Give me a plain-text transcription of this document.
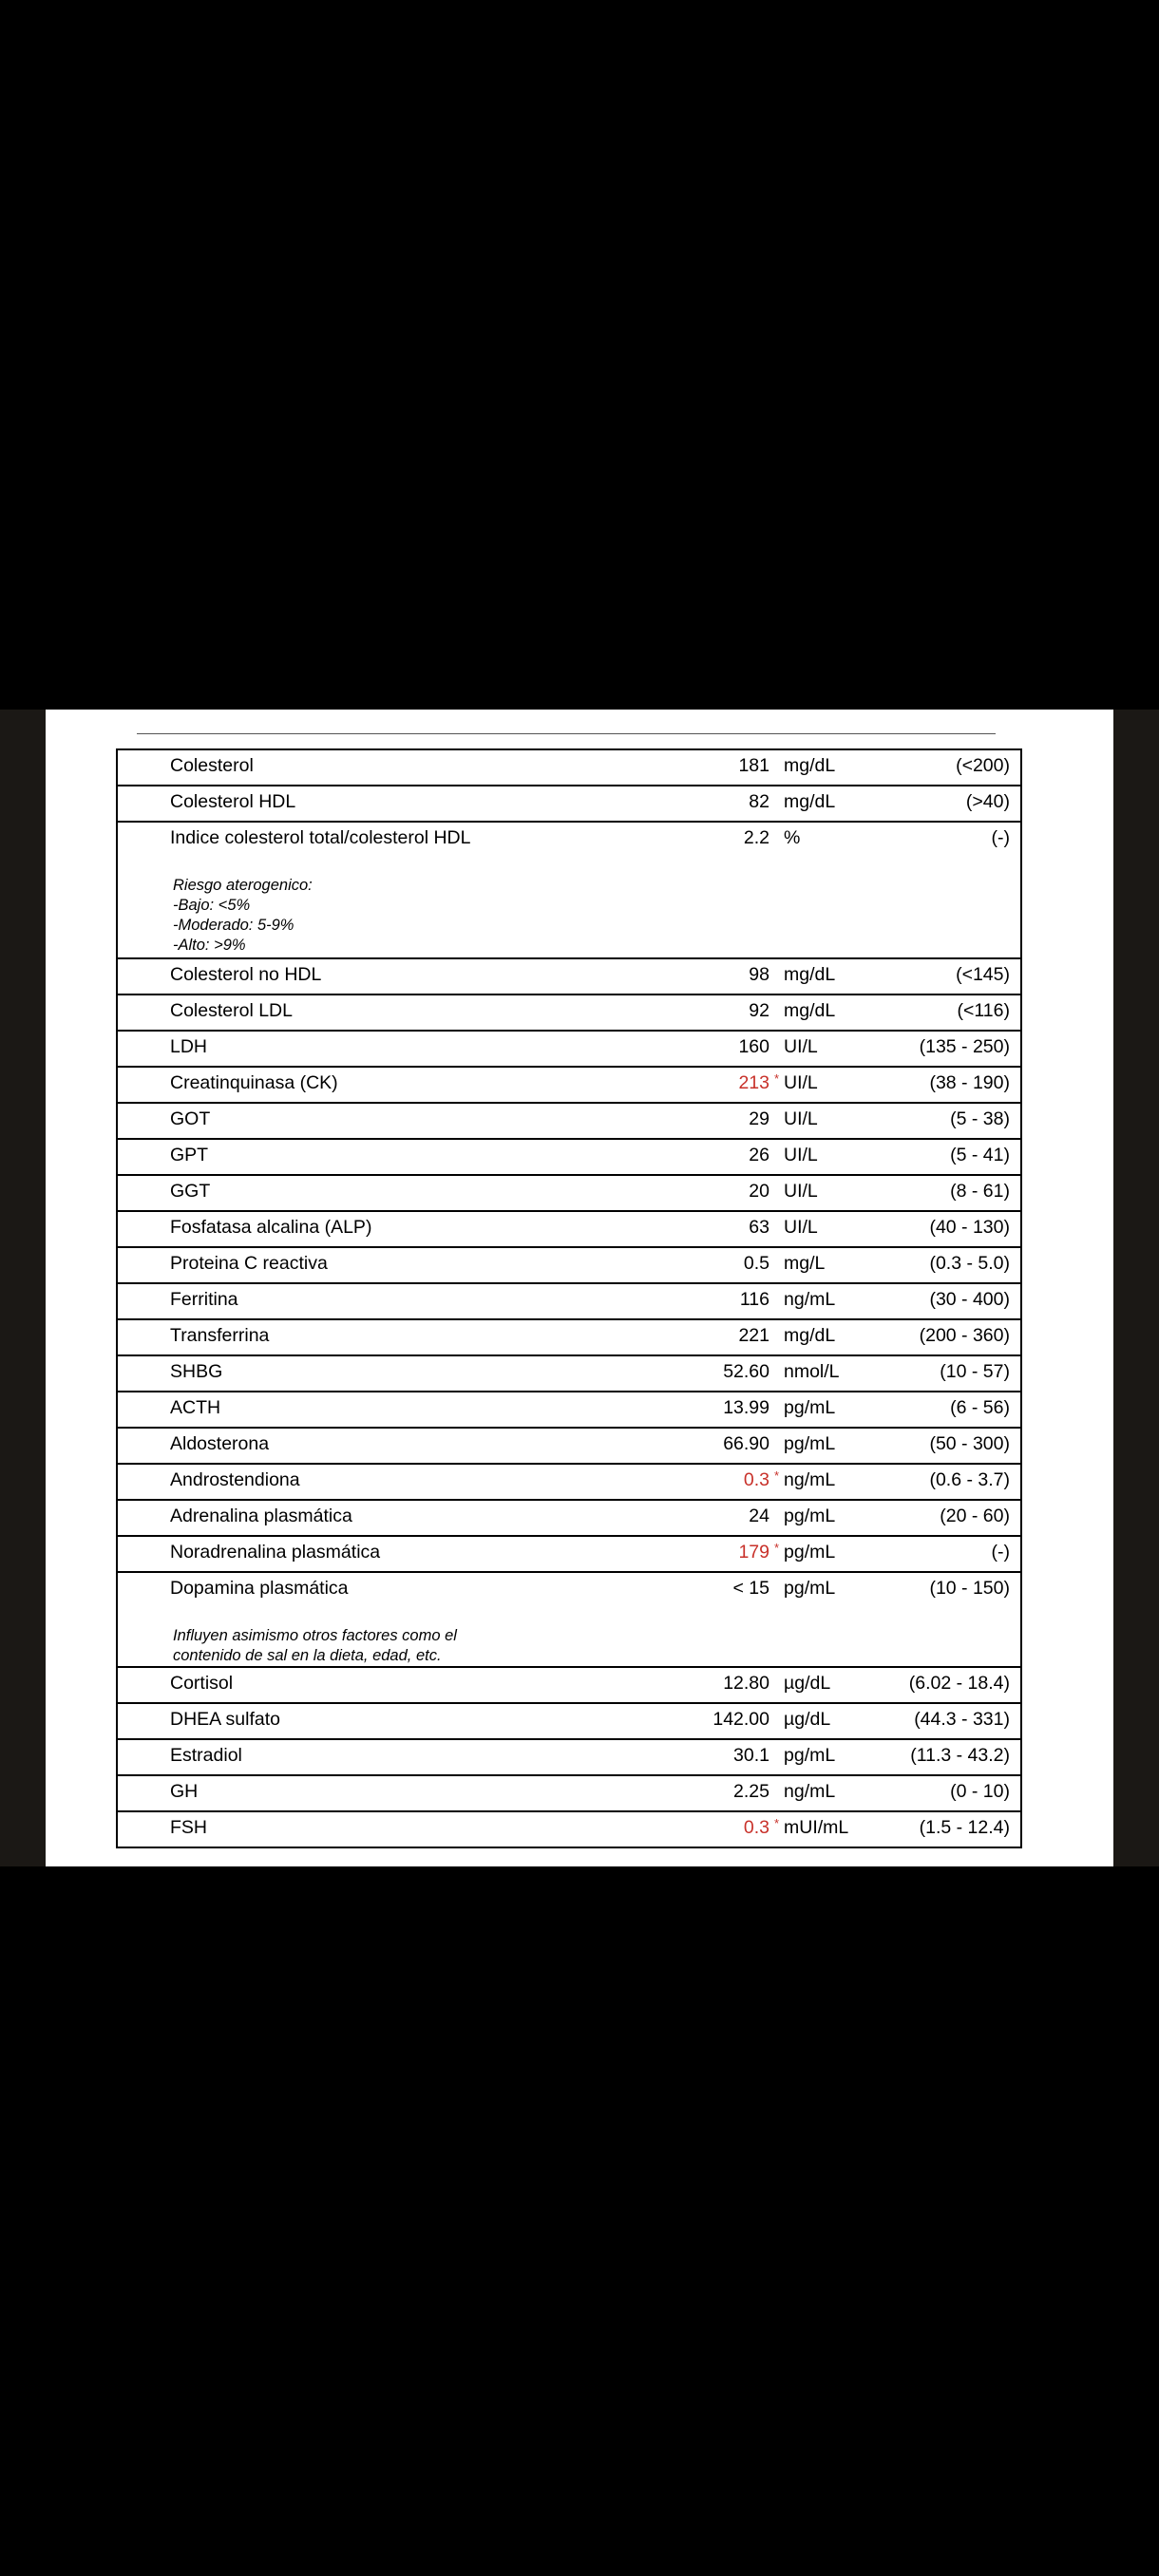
Colesterol	181 mg/dL	(<200)
Colesterol HDL	82 mg/dL	(>40)
Indice colesterol total/colesterol HDL	2.2 %	(-)
Riesgo aterogenico:
-Bajo: <5%
-Moderado: 5-9%
-Alto: >9%
Colesterol no HDL	98 mg/dL	(<145)
Colesterol LDL	92 mg/dL	(<116)
LDH	160 UI/L	(135 - 250)
Creatinquinasa (CK)	213 * UI/L	(38 - 190)
GOT	29 UI/L	(5 - 38)
GPT	26 UI/L	(5 - 41)
GGT	20 UI/L	(8 - 61)
Fosfatasa alcalina (ALP)	63 UI/L	(40 - 130)
Proteina C reactiva	0.5 mg/L	(0.3 - 5.0)
Ferritina	116 ng/mL	(30 - 400)
Transferrina	221 mg/dL	(200 - 360)
SHBG	52.60 nmol/L	(10 - 57)
ACTH	13.99 pg/mL	(6 - 56)
Aldosterona	66.90 pg/mL	(50 - 300)
Androstendiona	0.3 * ng/mL	(0.6 - 3.7)
Adrenalina plasmática	24 pg/mL	(20 - 60)
Noradrenalina plasmática	179 * pg/mL	(-)
Dopamina plasmática	< 15 pg/mL	(10 - 150)
Influyen asimismo otros factores como el
contenido de sal en la dieta, edad, etc.
Cortisol	12.80 µg/dL	(6.02 - 18.4)
DHEA sulfato	142.00 µg/dL	(44.3 - 331)
Estradiol	30.1 pg/mL	(11.3 - 43.2)
GH	2.25 ng/mL	(0 - 10)
FSH	0.3 * mUI/mL	(1.5 - 12.4)
